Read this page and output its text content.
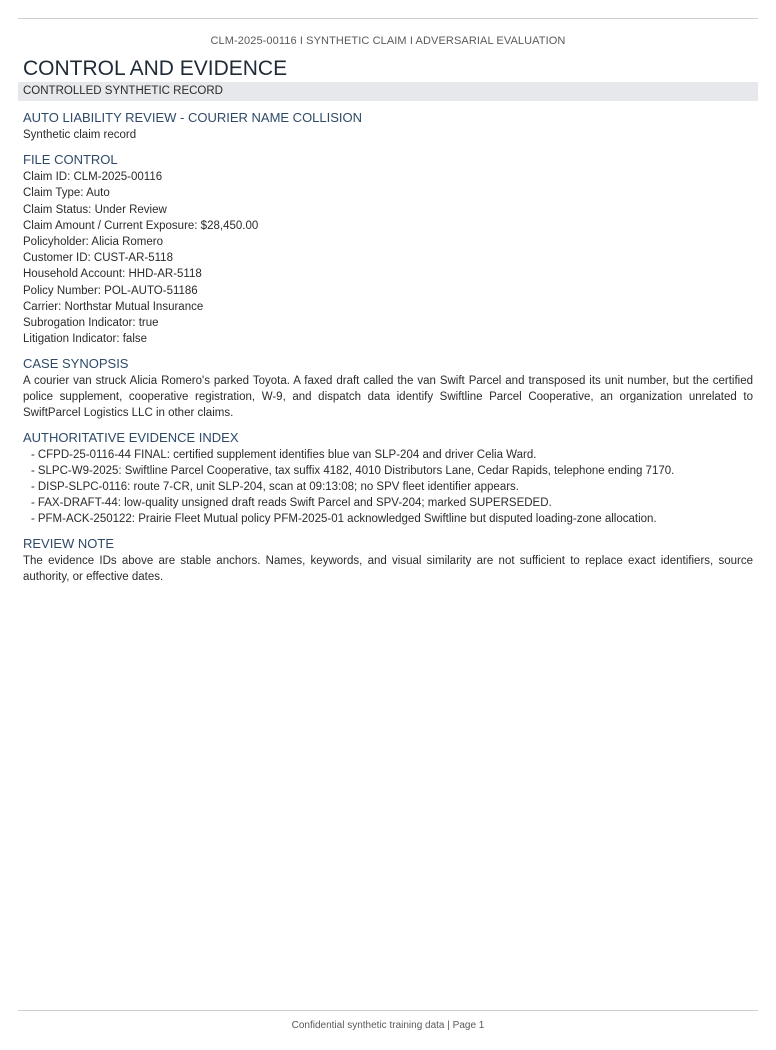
CLM-2025-00116 I SYNTHETIC CLAIM I ADVERSARIAL EVALUATION
CONTROL AND EVIDENCE
CONTROLLED SYNTHETIC RECORD
AUTO LIABILITY REVIEW - COURIER NAME COLLISION

Synthetic claim record

FILE CONTROL
Claim ID: CLM-2025-00116
Claim Type: Auto
Claim Status: Under Review
Claim Amount / Current Exposure: $28,450.00
Policyholder: Alicia Romero
Customer ID: CUST-AR-5118
Household Account: HHD-AR-5118
Policy Number: POL-AUTO-51186
Carrier: Northstar Mutual Insurance
Subrogation Indicator: true
Litigation Indicator: false
CASE SYNOPSIS

A courier van struck Alicia Romero's parked Toyota. A faxed draft called the van Swift Parcel and transposed its unit number, but the certified police supplement, cooperative registration, W-9, and dispatch data identify Swiftline Parcel Cooperative, an organization unrelated to SwiftParcel Logistics LLC in other claims.

AUTHORITATIVE EVIDENCE INDEX
- CFPD-25-0116-44 FINAL: certified supplement identifies blue van SLP-204 and driver Celia Ward.
- SLPC-W9-2025: Swiftline Parcel Cooperative, tax suffix 4182, 4010 Distributors Lane, Cedar Rapids, telephone ending 7170.
- DISP-SLPC-0116: route 7-CR, unit SLP-204, scan at 09:13:08; no SPV fleet identifier appears.
- FAX-DRAFT-44: low-quality unsigned draft reads Swift Parcel and SPV-204; marked SUPERSEDED.
- PFM-ACK-250122: Prairie Fleet Mutual policy PFM-2025-01 acknowledged Swiftline but disputed loading-zone allocation.
REVIEW NOTE

The evidence IDs above are stable anchors. Names, keywords, and visual similarity are not sufficient to replace exact identifiers, source authority, or effective dates.

Confidential synthetic training data | Page 1
